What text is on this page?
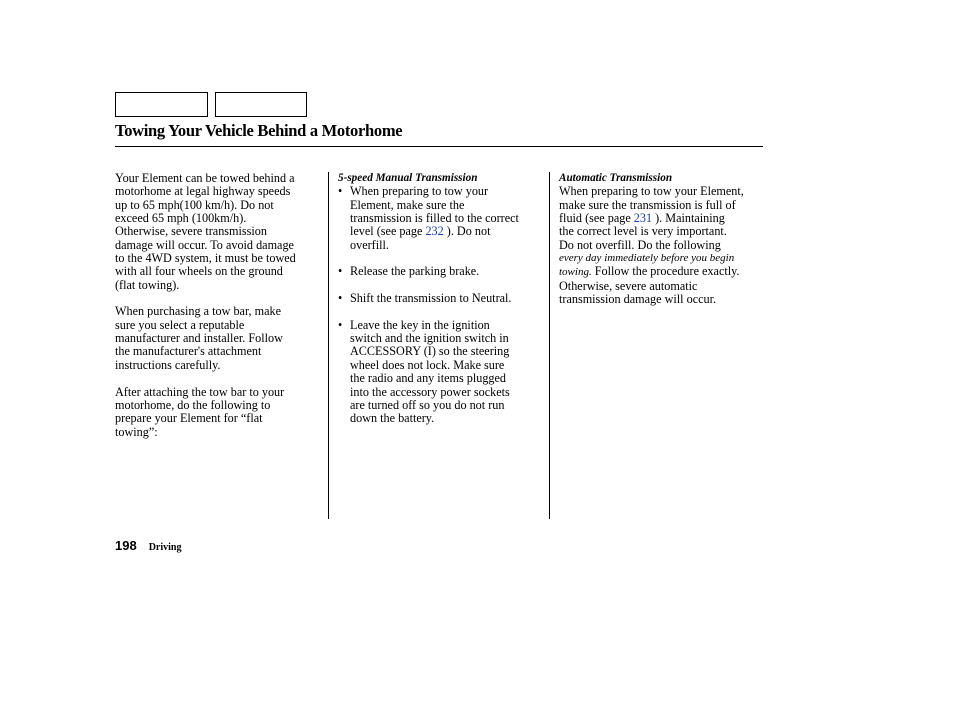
Towing Your Vehicle Behind a Motorhome
Your Element can be towed behind a
motorhome at legal highway speeds
up to 65 mph(100 km/h). Do not
exceed 65 mph (100km/h).
Otherwise, severe transmission
damage will occur. To avoid damage
to the 4WD system, it must be towed
with all four wheels on the ground
(flat towing).
When purchasing a tow bar, make
sure you select a reputable
manufacturer and installer. Follow
the manufacturer's attachment
instructions carefully.
After attaching the tow bar to your
motorhome, do the following to
prepare your Element for “flat
towing”:
5-speed Manual Transmission
• When preparing to tow your
Element, make sure the
transmission is filled to the correct
level (see page 232 ). Do not
overfill.
• Release the parking brake.
• Shift the transmission to Neutral.
• Leave the key in the ignition
switch and the ignition switch in
ACCESSORY (I) so the steering
wheel does not lock. Make sure
the radio and any items plugged
into the accessory power sockets
are turned off so you do not run
down the battery.
Automatic Transmission
When preparing to tow your Element,
make sure the transmission is full of
fluid (see page 231 ). Maintaining
the correct level is very important.
Do not overfill. Do the following
every day immediately before you begin
towing. Follow the procedure exactly.
Otherwise, severe automatic
transmission damage will occur.
198 Driving
